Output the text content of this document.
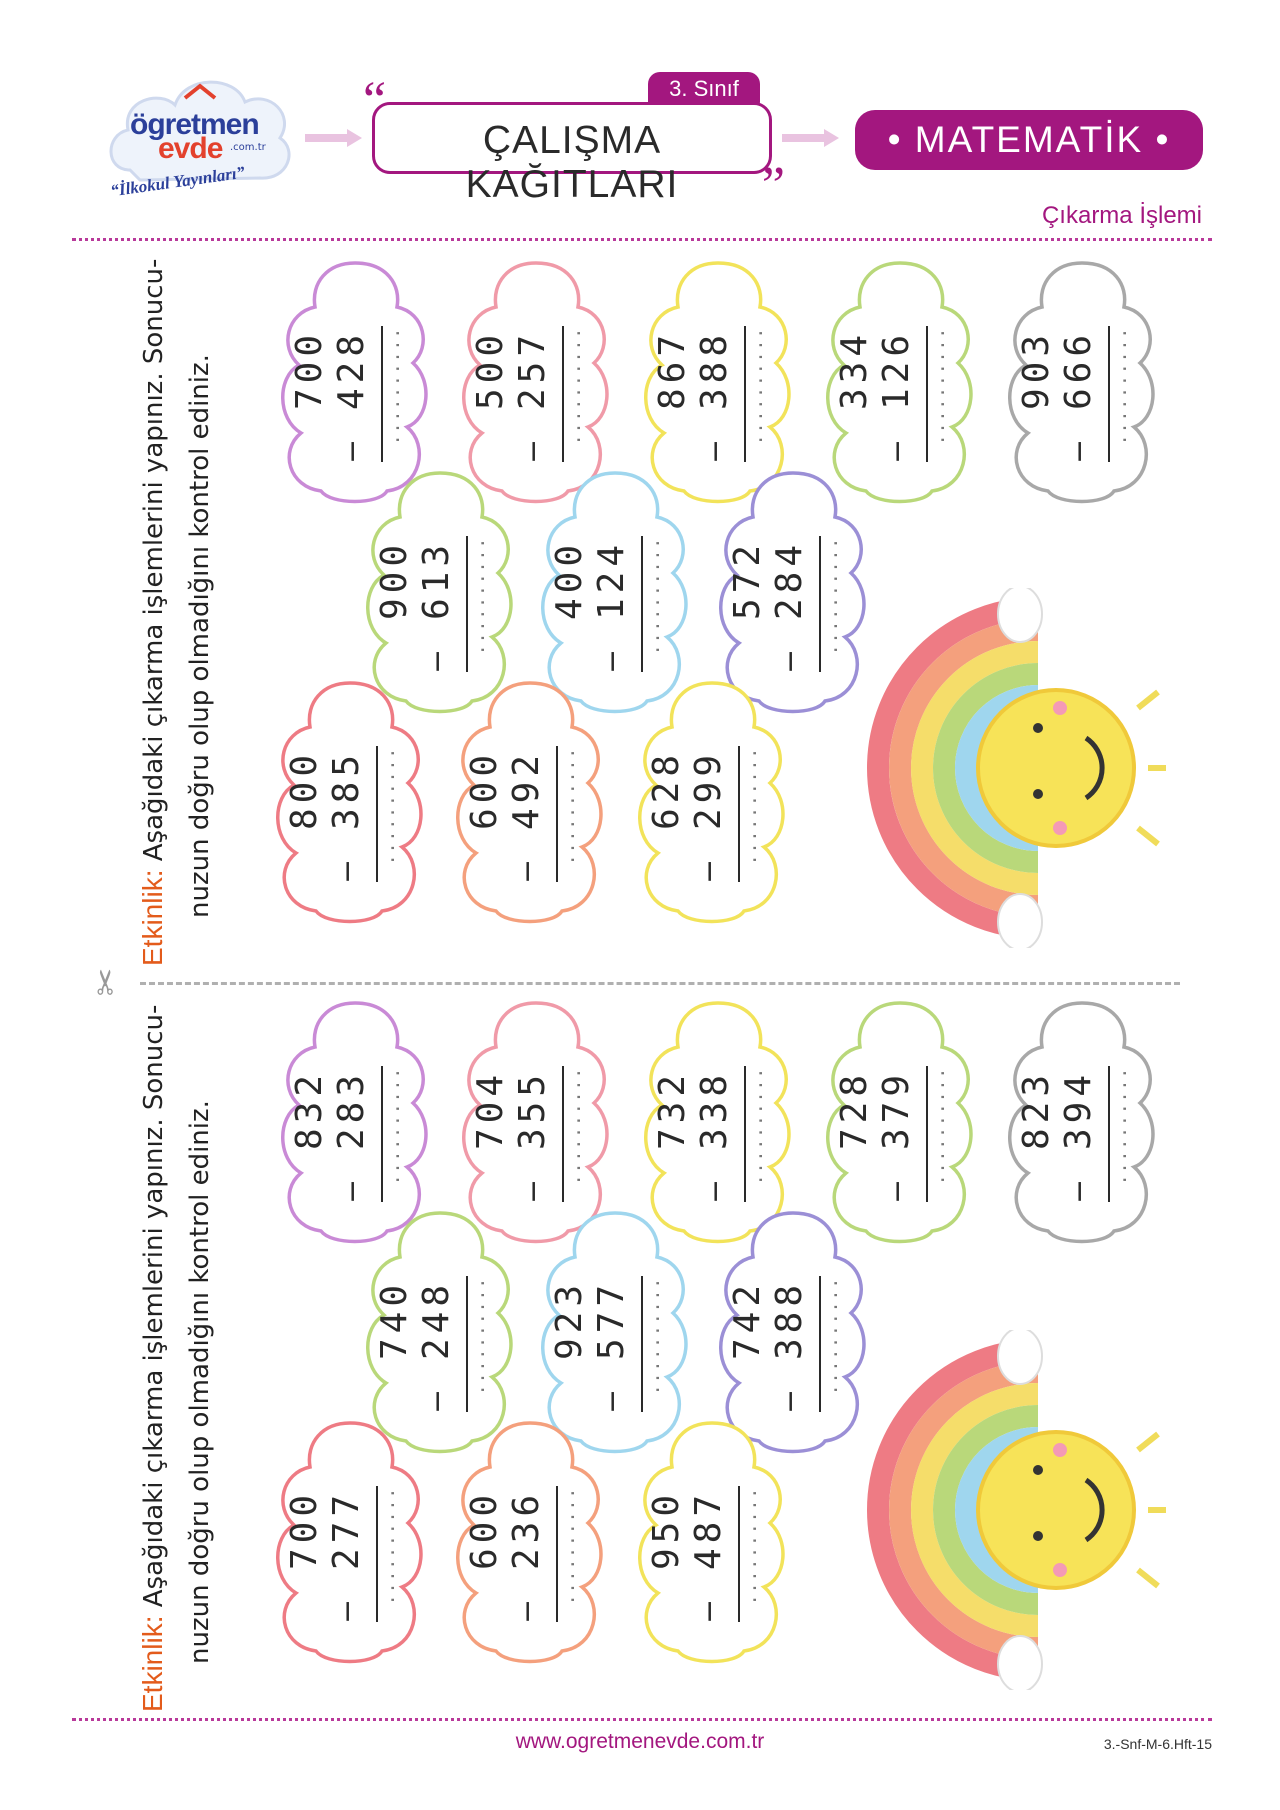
ögretmen
evde .com.tr
“İlkokul Yayınları”
3. Sınıf
“
ÇALIŞMA KAĞITLARI	”
• MATEMATİK •
Çıkarma İşlemi

Etkinlik: Aşağıdaki çıkarma işlemlerini yapınız. Sonucu- nuzun doğru olup olmadığını kontrol ediniz.

Etkinlik: Aşağıdaki çıkarma işlemlerini yapınız. Sonucu- nuzun doğru olup olmadığını kontrol ediniz.

700
−
428 .......... 500
−
257 .......... 867
−
388 .......... 334
−
126 .......... 903
−
666 ..........
900
−
613 .......... 400
−
124 .......... 572
−
284 ..........
800
−
385 .......... 600
−
492 .......... 628
−
299 ..........
832
−
283 .......... 704
−
355 .......... 732
−
338 .......... 728
−
379 .......... 823
−
394 ..........
740
−
248 .......... 923
−
577 .......... 742
−
388 ..........
700
−
277 .......... 600
−
236 .......... 950
−
487 ..........
✂
www.ogretmenevde.com.tr	3.-Snf-M-6.Hft-15
